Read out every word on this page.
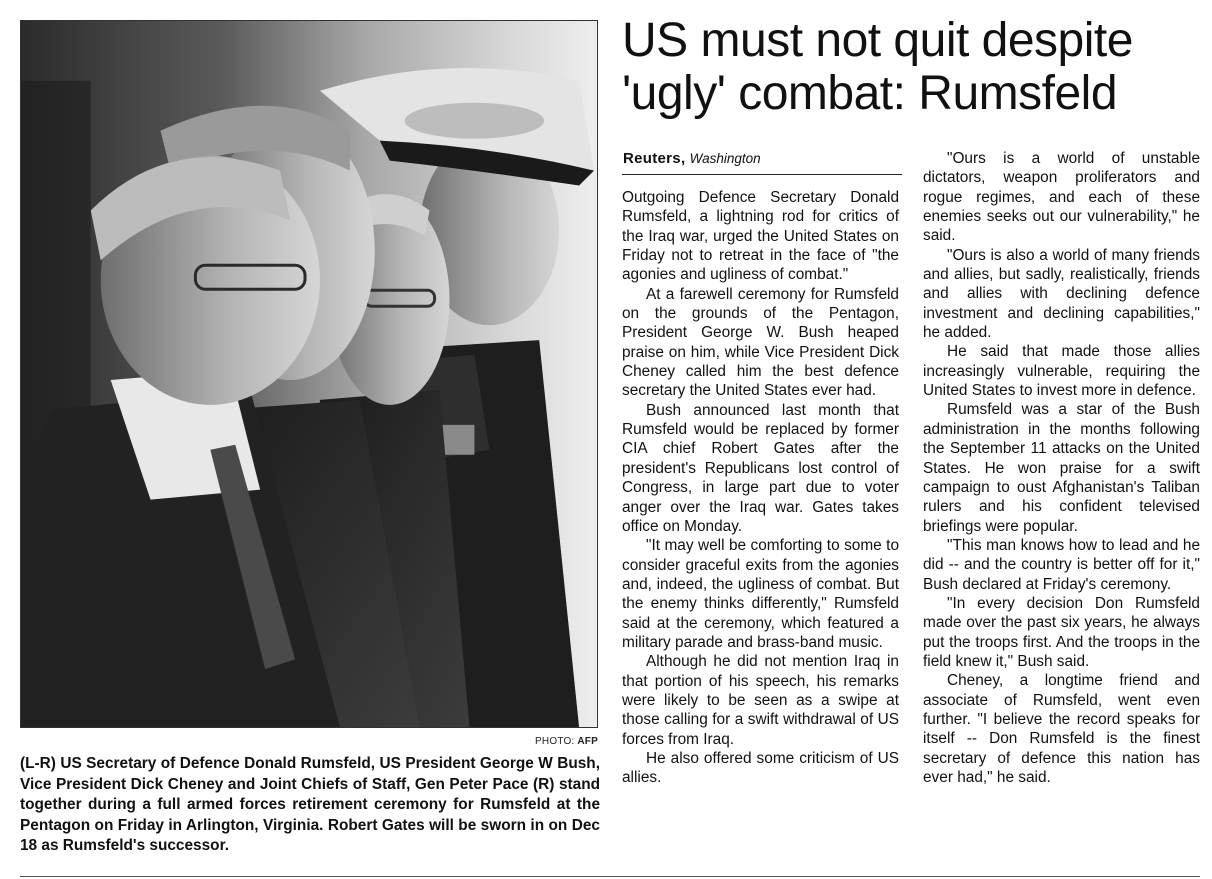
PHOTO: AFP
(L-R) US Secretary of Defence Donald Rumsfeld, US President George W Bush, Vice President Dick Cheney and Joint Chiefs of Staff, Gen Peter Pace (R) stand together during a full armed forces retirement ceremony for Rumsfeld at the Pentagon on Friday in Arlington, Virginia. Robert Gates will be sworn in on Dec 18 as Rumsfeld's successor.
US must not quit despite 'ugly' combat: Rumsfeld
Reuters, Washington

Outgoing Defence Secretary Donald Rumsfeld, a lightning rod for critics of the Iraq war, urged the United States on Friday not to retreat in the face of "the agonies and ugliness of combat."

At a farewell ceremony for Rumsfeld on the grounds of the Pentagon, President George W. Bush heaped praise on him, while Vice President Dick Cheney called him the best defence secretary the United States ever had.

Bush announced last month that Rumsfeld would be replaced by former CIA chief Robert Gates after the president's Republicans lost control of Congress, in large part due to voter anger over the Iraq war. Gates takes office on Monday.

"It may well be comforting to some to consider graceful exits from the agonies and, indeed, the ugliness of combat. But the enemy thinks differently," Rumsfeld said at the ceremony, which featured a military parade and brass-band music.

Although he did not mention Iraq in that portion of his speech, his remarks were likely to be seen as a swipe at those calling for a swift withdrawal of US forces from Iraq.

He also offered some criticism of US allies.

"Ours is a world of unstable dictators, weapon proliferators and rogue regimes, and each of these enemies seeks out our vulnerability," he said.

"Ours is also a world of many friends and allies, but sadly, realistically, friends and allies with declining defence investment and declining capabilities," he added.

He said that made those allies increasingly vulnerable, requiring the United States to invest more in defence.

Rumsfeld was a star of the Bush administration in the months following the September 11 attacks on the United States. He won praise for a swift campaign to oust Afghanistan's Taliban rulers and his confident televised briefings were popular.

"This man knows how to lead and he did -- and the country is better off for it," Bush declared at Friday's ceremony.

"In every decision Don Rumsfeld made over the past six years, he always put the troops first. And the troops in the field knew it," Bush said.

Cheney, a longtime friend and associate of Rumsfeld, went even further. "I believe the record speaks for itself -- Don Rumsfeld is the finest secretary of defence this nation has ever had," he said.
